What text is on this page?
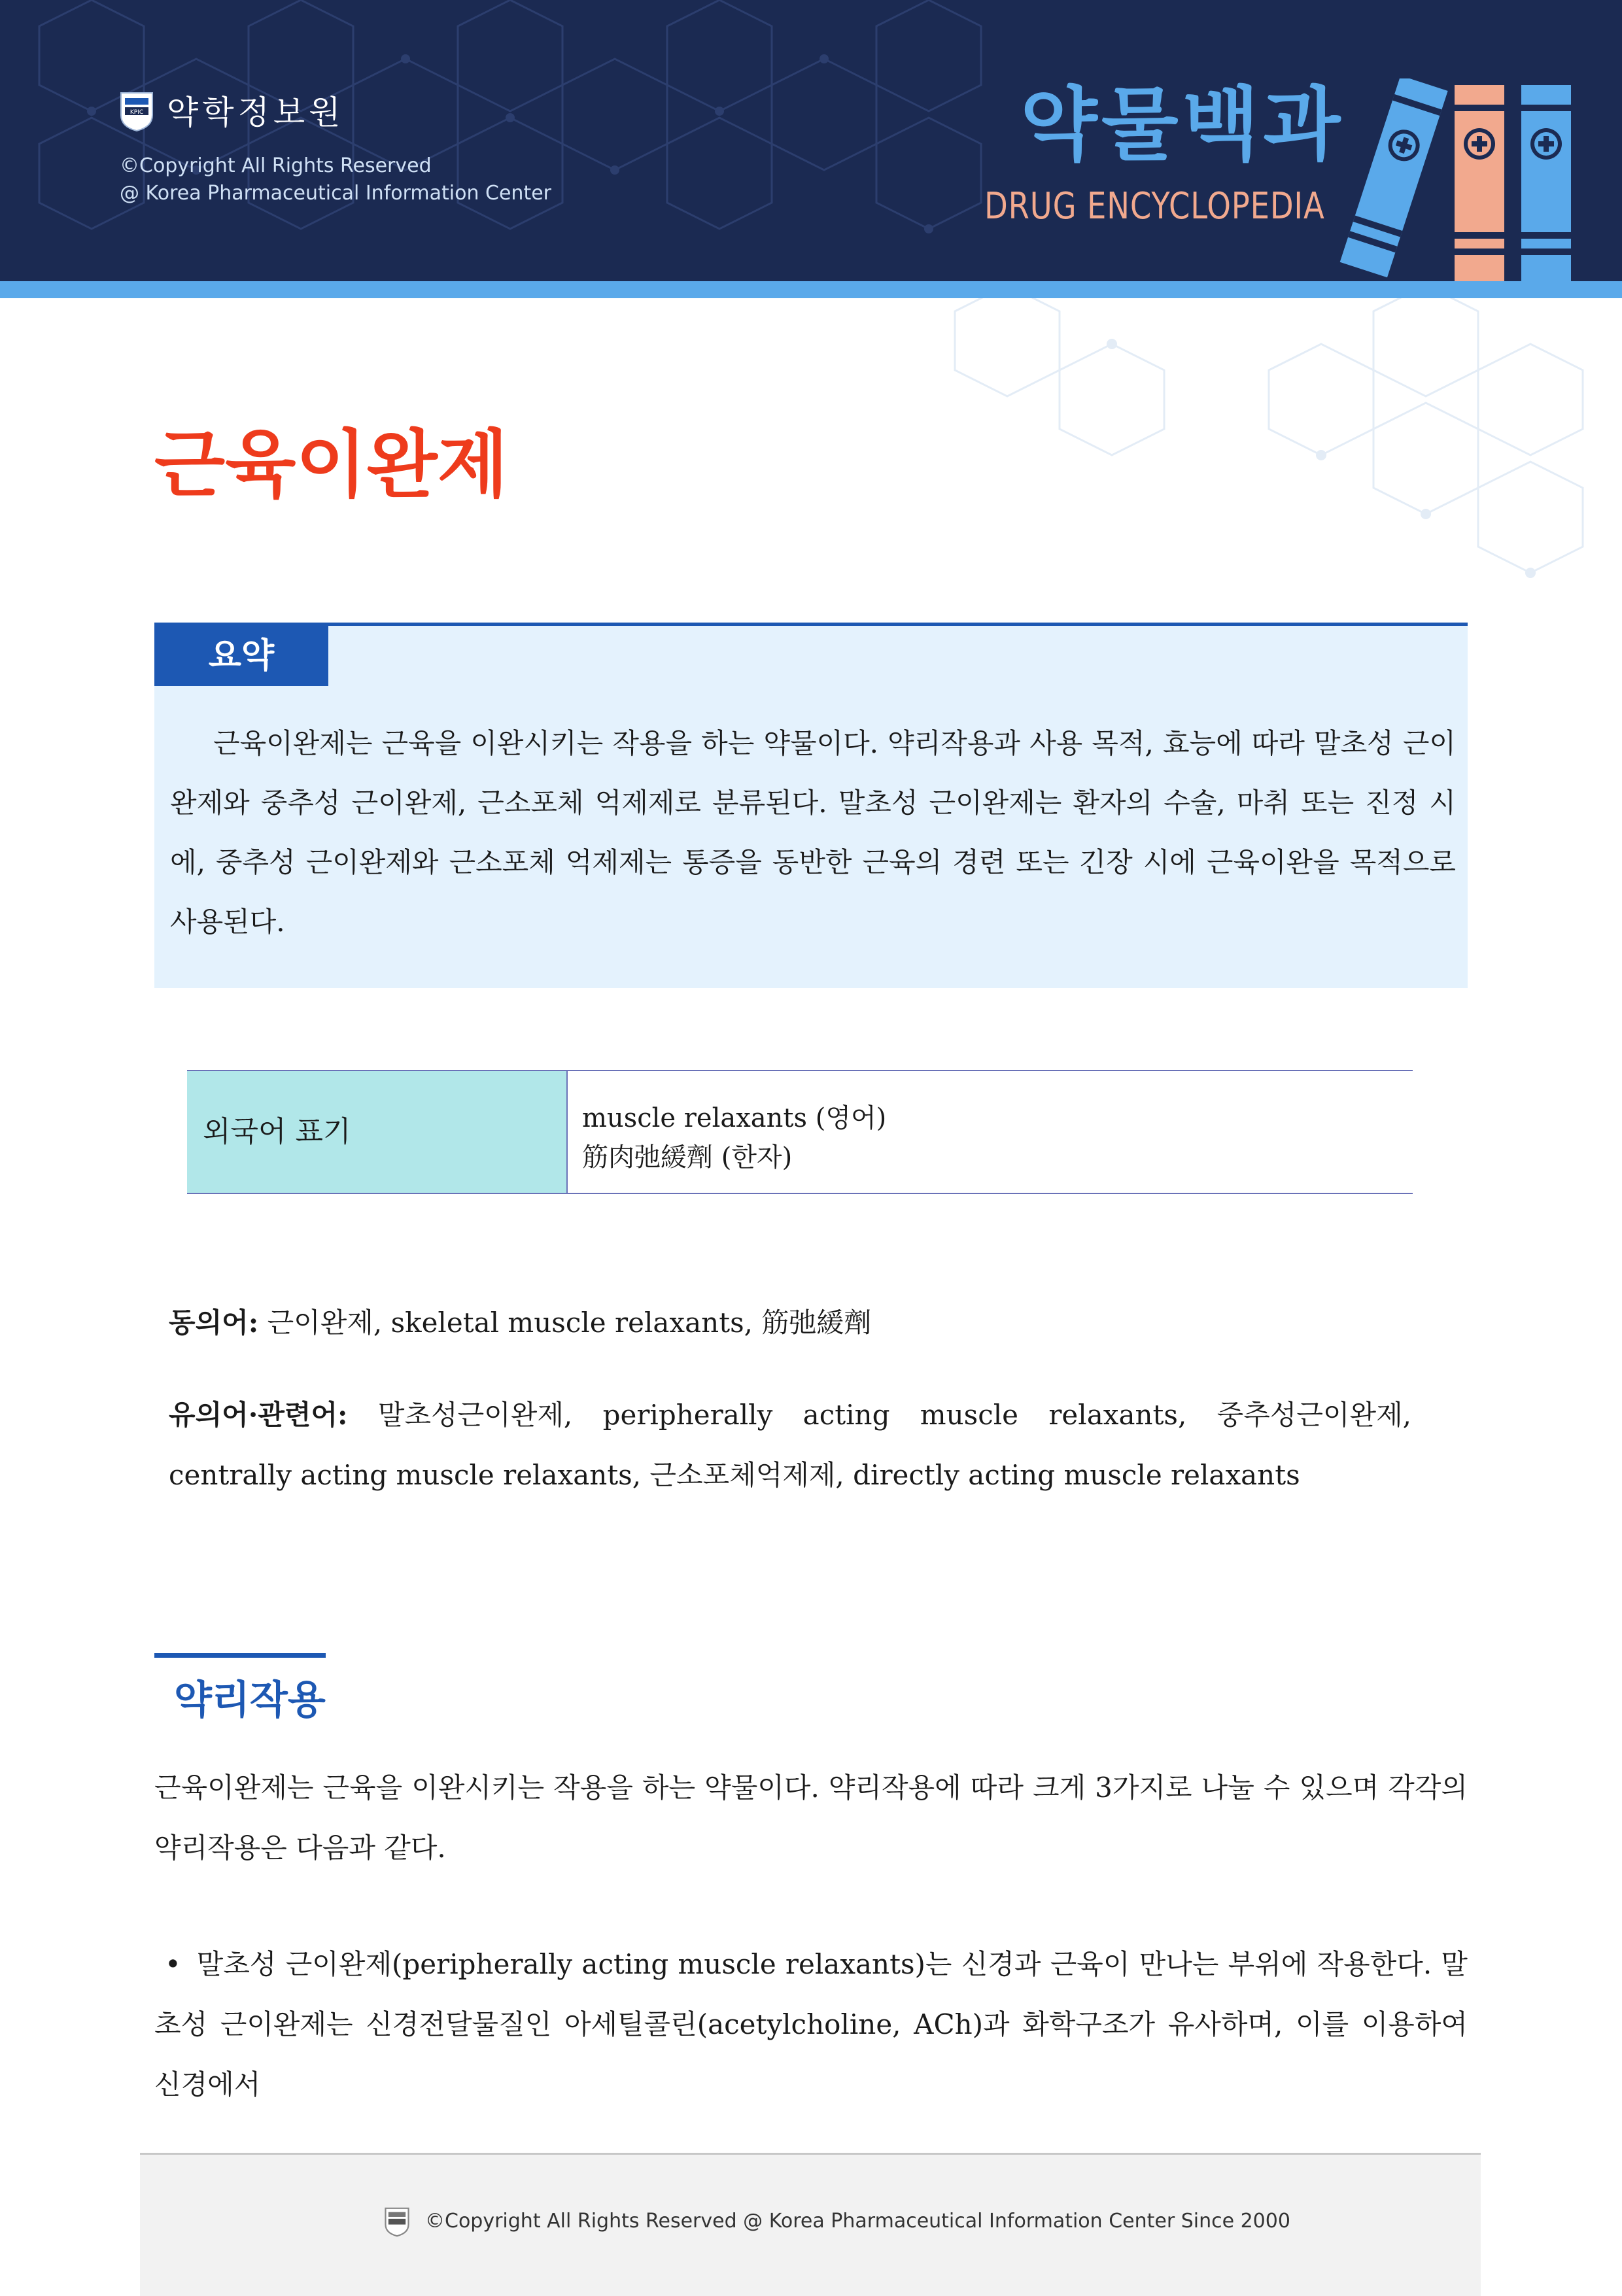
KPIC 약학정보원
©Copyright All Rights Reserved
@ Korea Pharmaceutical Information Center
약물백과
DRUG ENCYCLOPEDIA
근육이완제
요약
근육이완제는 근육을 이완시키는 작용을 하는 약물이다. 약리작용과 사용 목적, 효능에 따라 말초성 근이완제와 중추성 근이완제, 근소포체 억제제로 분류된다. 말초성 근이완제는 환자의 수술, 마취 또는 진정 시에, 중추성 근이완제와 근소포체 억제제는 통증을 동반한 근육의 경련 또는 긴장 시에 근육이완을 목적으로 사용된다.
외국어 표기	muscle relaxants (영어)
筋肉弛緩劑 (한자)
동의어: 근이완제, skeletal muscle relaxants, 筋弛緩劑
유의어·관련어: 말초성근이완제, peripherally acting muscle relaxants, 중추성근이완제, centrally acting muscle relaxants, 근소포체억제제, directly acting muscle relaxants
약리작용
근육이완제는 근육을 이완시키는 작용을 하는 약물이다. 약리작용에 따라 크게 3가지로 나눌 수 있으며 각각의 약리작용은 다음과 같다.
• 말초성 근이완제(peripherally acting muscle relaxants)는 신경과 근육이 만나는 부위에 작용한다. 말초성 근이완제는 신경전달물질인 아세틸콜린(acetylcholine, ACh)과 화학구조가 유사하며, 이를 이용하여 신경에서
©Copyright All Rights Reserved @ Korea Pharmaceutical Information Center Since 2000
